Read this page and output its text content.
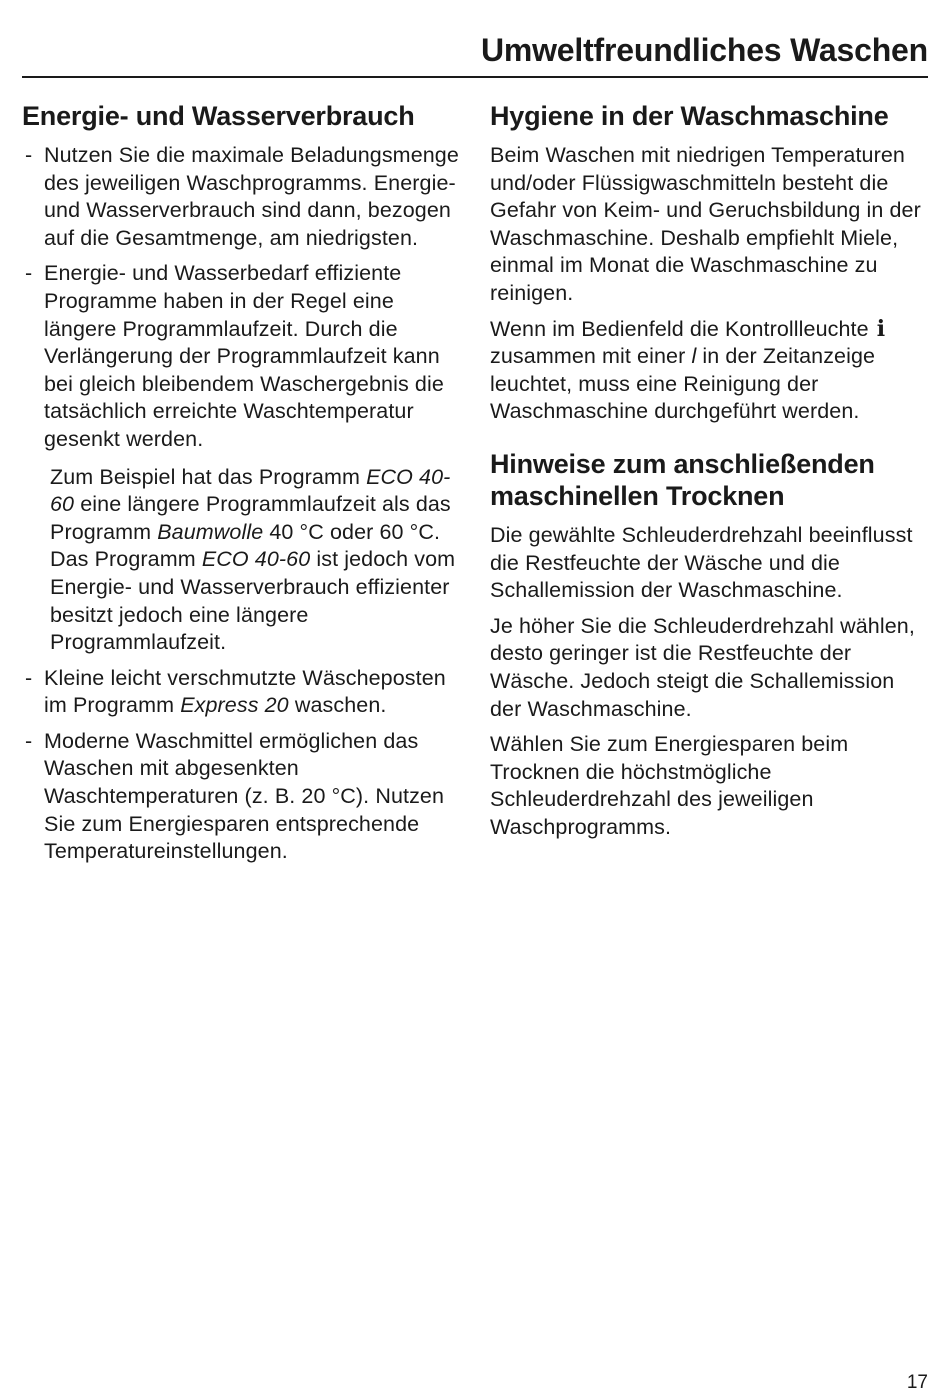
Umweltfreundliches Waschen
Energie- und Wasserverbrauch
- Nutzen Sie die maximale Beladungsmenge des jeweiligen Waschprogramms. Energie- und Wasserverbrauch sind dann, bezogen auf die Gesamtmenge, am niedrigsten.
- Energie- und Wasserbedarf effiziente Programme haben in der Regel eine längere Programmlaufzeit. Durch die Verlängerung der Programmlaufzeit kann bei gleich bleibendem Waschergebnis die tatsächlich erreichte Waschtemperatur gesenkt werden.

Zum Beispiel hat das Programm ECO 40-60 eine längere Programmlaufzeit als das Programm Baumwolle 40 °C oder 60 °C. Das Programm ECO 40-60 ist jedoch vom Energie- und Wasserverbrauch effizienter besitzt jedoch eine längere Programmlaufzeit.

- Kleine leicht verschmutzte Wäscheposten im Programm Express 20 waschen.
- Moderne Waschmittel ermöglichen das Waschen mit abgesenkten Waschtemperaturen (z. B. 20 °C). Nutzen Sie zum Energiesparen entsprechende Temperatureinstellungen.
Hygiene in der Waschmaschine

Beim Waschen mit niedrigen Temperaturen und/oder Flüssigwaschmitteln besteht die Gefahr von Keim- und Geruchsbildung in der Waschmaschine. Deshalb empfiehlt Miele, einmal im Monat die Waschmaschine zu reinigen.

Wenn im Bedienfeld die Kontrollleuchte i zusammen mit einer l in der Zeitanzeige leuchtet, muss eine Reinigung der Waschmaschine durchgeführt werden.

Hinweise zum anschließenden maschinellen Trocknen

Die gewählte Schleuderdrehzahl beeinflusst die Restfeuchte der Wäsche und die Schallemission der Waschmaschine.

Je höher Sie die Schleuderdrehzahl wählen, desto geringer ist die Restfeuchte der Wäsche. Jedoch steigt die Schallemission der Waschmaschine.

Wählen Sie zum Energiesparen beim Trocknen die höchstmögliche Schleuderdrehzahl des jeweiligen Waschprogramms.

17
